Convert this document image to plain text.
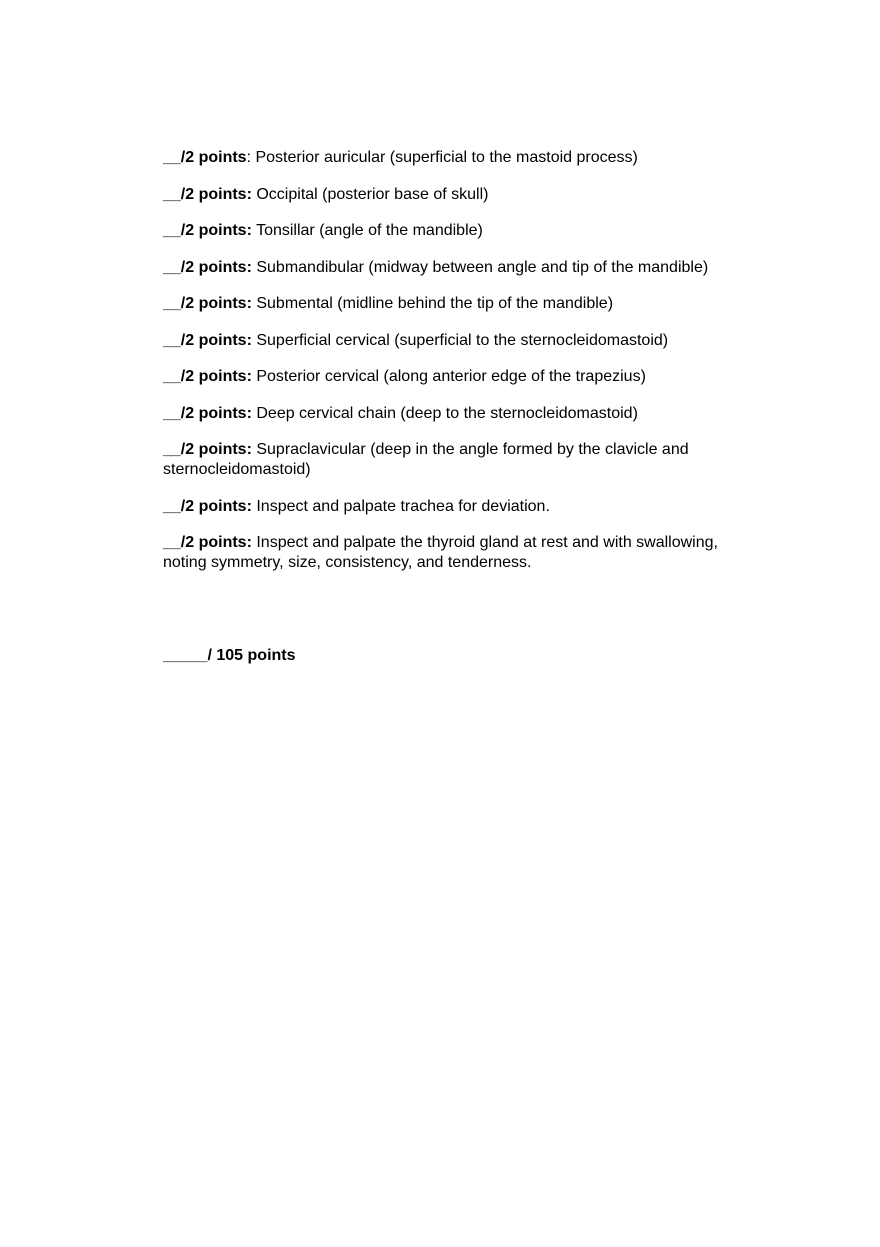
__/2 points: Posterior auricular (superficial to the mastoid process)

__/2 points: Occipital (posterior base of skull)

__/2 points: Tonsillar (angle of the mandible)

__/2 points: Submandibular (midway between angle and tip of the mandible)

__/2 points: Submental (midline behind the tip of the mandible)

__/2 points: Superficial cervical (superficial to the sternocleidomastoid)

__/2 points: Posterior cervical (along anterior edge of the trapezius)

__/2 points: Deep cervical chain (deep to the sternocleidomastoid)

__/2 points: Supraclavicular (deep in the angle formed by the clavicle and sternocleidomastoid)

__/2 points: Inspect and palpate trachea for deviation.

__/2 points: Inspect and palpate the thyroid gland at rest and with swallowing, noting symmetry, size, consistency, and tenderness.

_____/ 105 points
